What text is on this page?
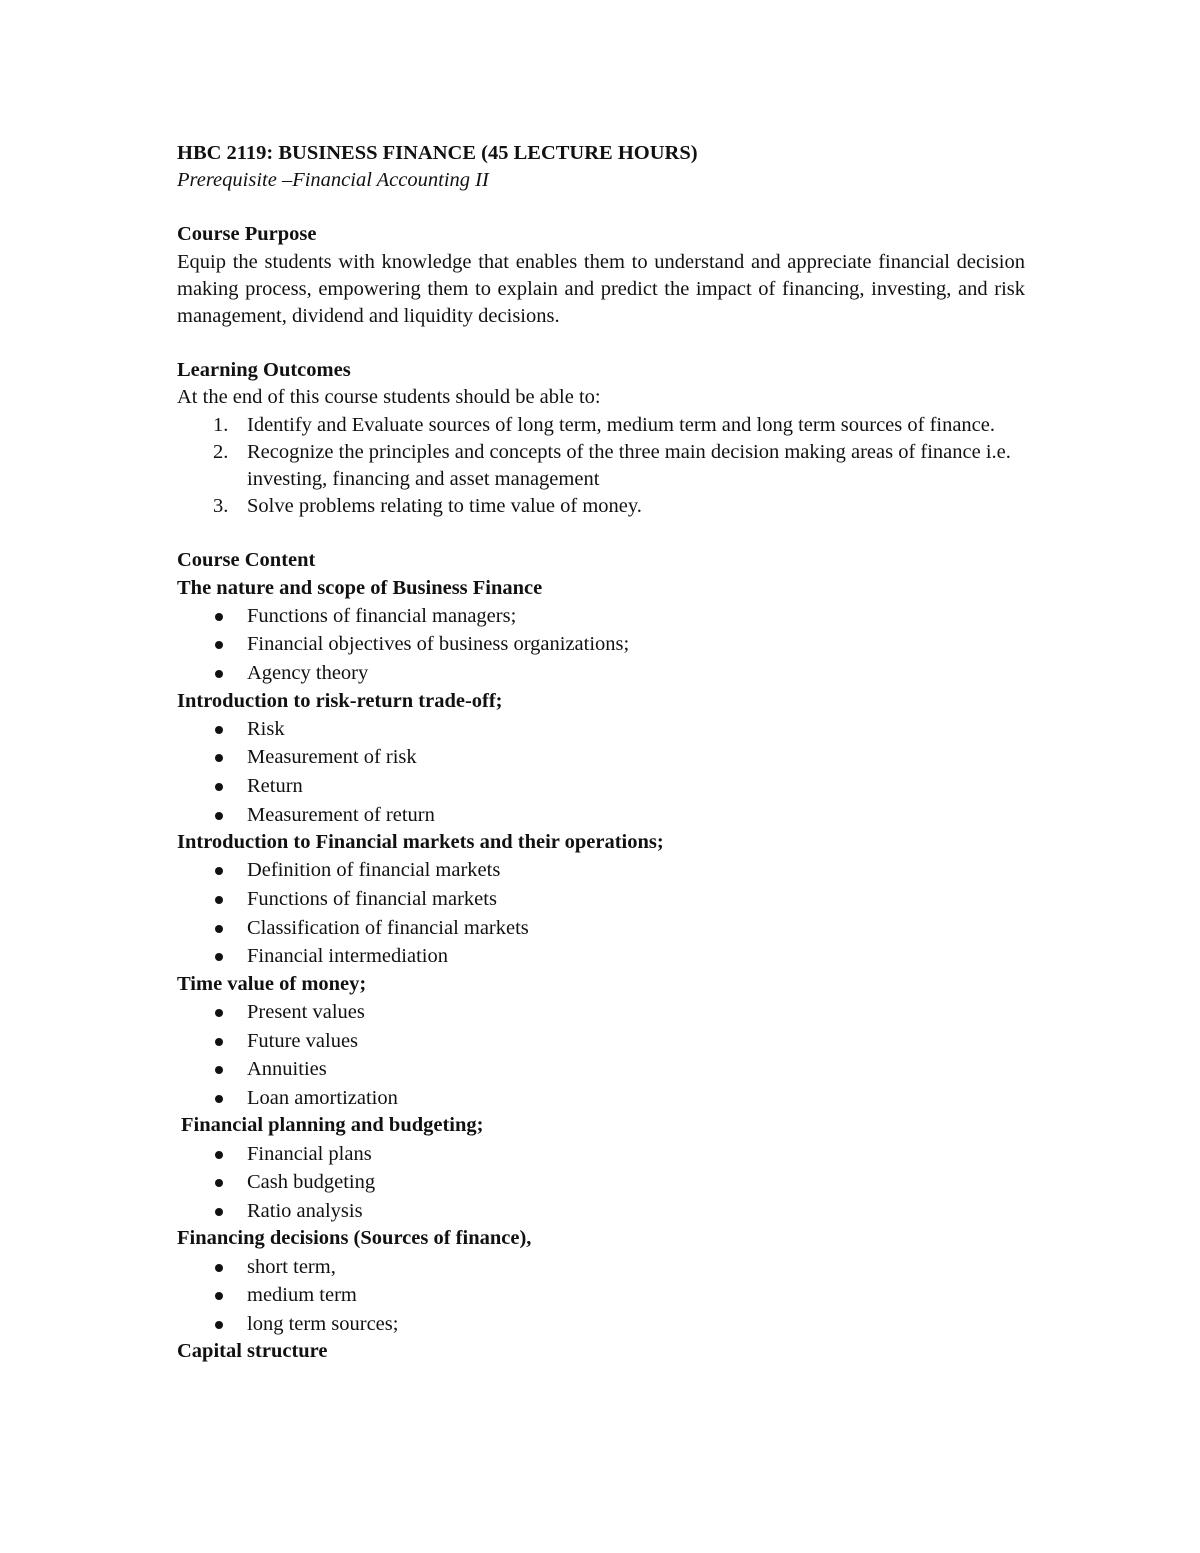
HBC 2119: BUSINESS FINANCE (45 LECTURE HOURS)
Prerequisite –Financial Accounting II
Course Purpose

Equip the students with knowledge that enables them to understand and appreciate financial decision making process, empowering them to explain and predict the impact of financing, investing, and risk management, dividend and liquidity decisions.

Learning Outcomes
At the end of this course students should be able to:
1. Identify and Evaluate sources of long term, medium term and long term sources of finance.
2. Recognize the principles and concepts of the three main decision making areas of finance i.e. investing, financing and asset management
3. Solve problems relating to time value of money.
Course Content
The nature and scope of Business Finance
Functions of financial managers;
Financial objectives of business organizations;
Agency theory
Introduction to risk-return trade-off;
Risk
Measurement of risk
Return
Measurement of return
Introduction to Financial markets and their operations;
Definition of financial markets
Functions of financial markets
Classification of financial markets
Financial intermediation
Time value of money;
Present values
Future values
Annuities
Loan amortization
Financial planning and budgeting;
Financial plans
Cash budgeting
Ratio analysis
Financing decisions (Sources of finance),
short term,
medium term
long term sources;
Capital structure
